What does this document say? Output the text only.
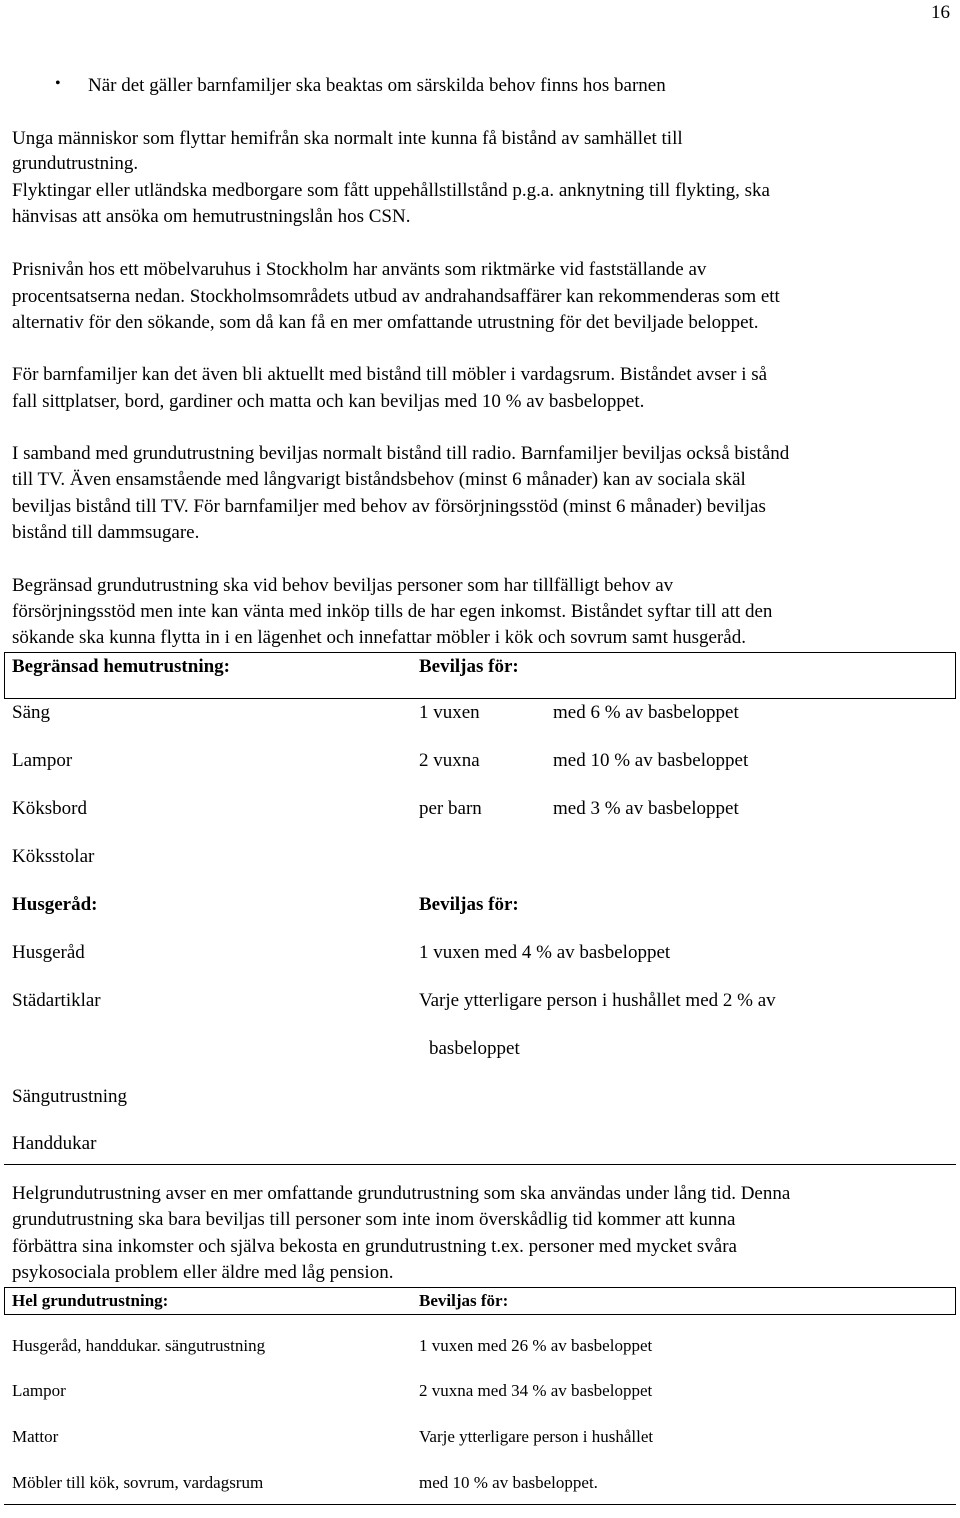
16
• När det gäller barnfamiljer ska beaktas om särskilda behov finns hos barnen
Unga människor som flyttar hemifrån ska normalt inte kunna få bistånd av samhället till
grundutrustning.
Flyktingar eller utländska medborgare som fått uppehållstillstånd p.g.a. anknytning till flykting, ska
hänvisas att ansöka om hemutrustningslån hos CSN.
Prisnivån hos ett möbelvaruhus i Stockholm har använts som riktmärke vid fastställande av
procentsatserna nedan. Stockholmsområdets utbud av andrahandsaffärer kan rekommenderas som ett
alternativ för den sökande, som då kan få en mer omfattande utrustning för det beviljade beloppet.
För barnfamiljer kan det även bli aktuellt med bistånd till möbler i vardagsrum. Biståndet avser i så
fall sittplatser, bord, gardiner och matta och kan beviljas med 10 % av basbeloppet.
I samband med grundutrustning beviljas normalt bistånd till radio. Barnfamiljer beviljas också bistånd
till TV. Även ensamstående med långvarigt biståndsbehov (minst 6 månader) kan av sociala skäl
beviljas bistånd till TV. För barnfamiljer med behov av försörjningsstöd (minst 6 månader) beviljas
bistånd till dammsugare.
Begränsad grundutrustning ska vid behov beviljas personer som har tillfälligt behov av
försörjningsstöd men inte kan vänta med inköp tills de har egen inkomst. Biståndet syftar till att den
sökande ska kunna flytta in i en lägenhet och innefattar möbler i kök och sovrum samt husgeråd.
Begränsad hemutrustning:	Beviljas för:
Säng	1 vuxen	med 6 % av basbeloppet
Lampor	2 vuxna	med 10 % av basbeloppet
Köksbord	per barn	med 3 % av basbeloppet
Köksstolar
Husgeråd:	Beviljas för:
Husgeråd	1 vuxen med 4 % av basbeloppet
Städartiklar	Varje ytterligare person i hushållet med 2 % av
basbeloppet
Sängutrustning
Handdukar
Helgrundutrustning avser en mer omfattande grundutrustning som ska användas under lång tid. Denna
grundutrustning ska bara beviljas till personer som inte inom överskådlig tid kommer att kunna
förbättra sina inkomster och själva bekosta en grundutrustning t.ex. personer med mycket svåra
psykosociala problem eller äldre med låg pension.
Hel grundutrustning:	Beviljas för:
Husgeråd, handdukar. sängutrustning	1 vuxen med 26 % av basbeloppet
Lampor	2 vuxna med 34 % av basbeloppet
Mattor	Varje ytterligare person i hushållet
Möbler till kök, sovrum, vardagsrum	med 10 % av basbeloppet.
